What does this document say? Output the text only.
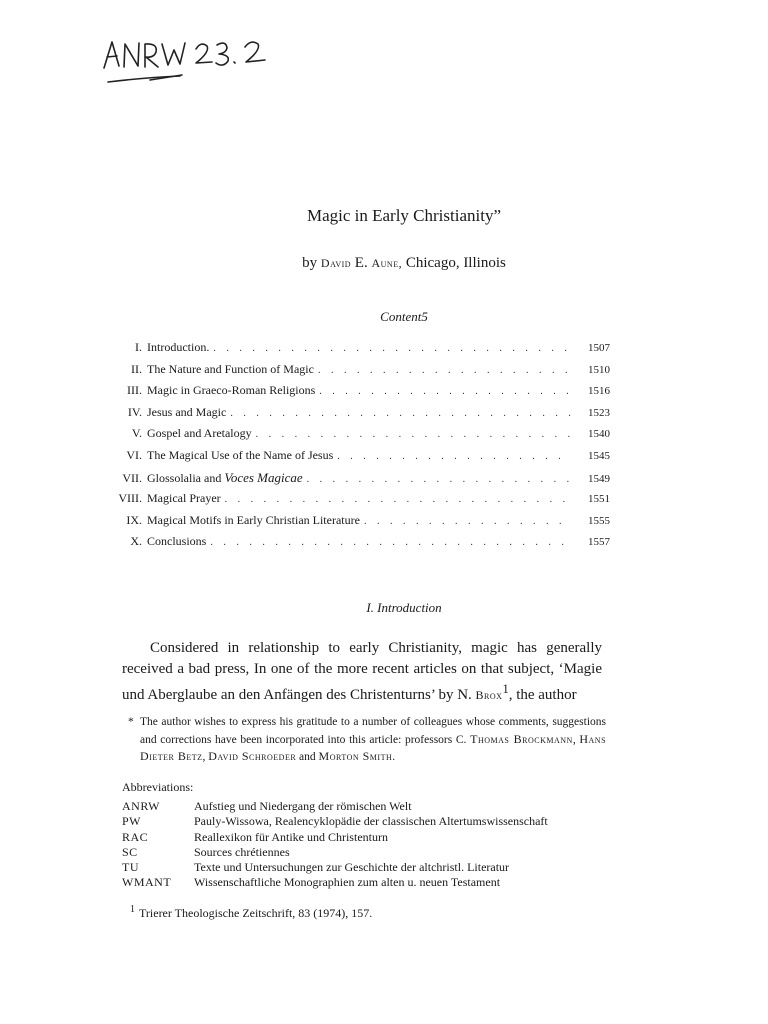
Magic in Early Christianity”
by David E. Aune, Chicago, Illinois
Content5
I. Introduction. . . .	1507
II. The Nature and Function of Magic . . .	1510
III. Magic in Graeco-Roman Religions . . .	1516
IV. Jesus and Magic . . .	1523
V. Gospel and Aretalogy . . .	1540
VI. The Magical Use of the Name of Jesus . . .	1545
VII. Glossolalia and Voces Magicae . . .	1549
VIII. Magical Prayer . . .	1551
IX. Magical Motifs in Early Christian Literature . . .	1555
X. Conclusions . . .	1557
I. Introduction
Considered in relationship to early Christianity, magic has generally received a bad press, In one of the more recent articles on that subject, ‘Magie und Aberglaube an den Anfängen des Christenturns’ by N. Brox$^1$, the author
* The author wishes to express his gratitude to a number of colleagues whose comments, suggestions and corrections have been incorporated into this article: professors C. Thomas Brockmann, Hans Dieter Betz, David Schroeder and Morton Smith.
Abbreviations:
ANRW	Aufstieg und Niedergang der römischen Welt
PW	Pauly-Wissowa, Realencyklopädie der classischen Altertumswissenschaft
RAC	Reallexikon für Antike und Christenturn
SC	Sources chrétiennes
TU	Texte und Untersuchungen zur Geschichte der altchristl. Literatur
WMANT	Wissenschaftliche Monographien zum alten u. neuen Testament
$^1$ Trierer Theologische Zeitschrift, 83 (1974), 157.
